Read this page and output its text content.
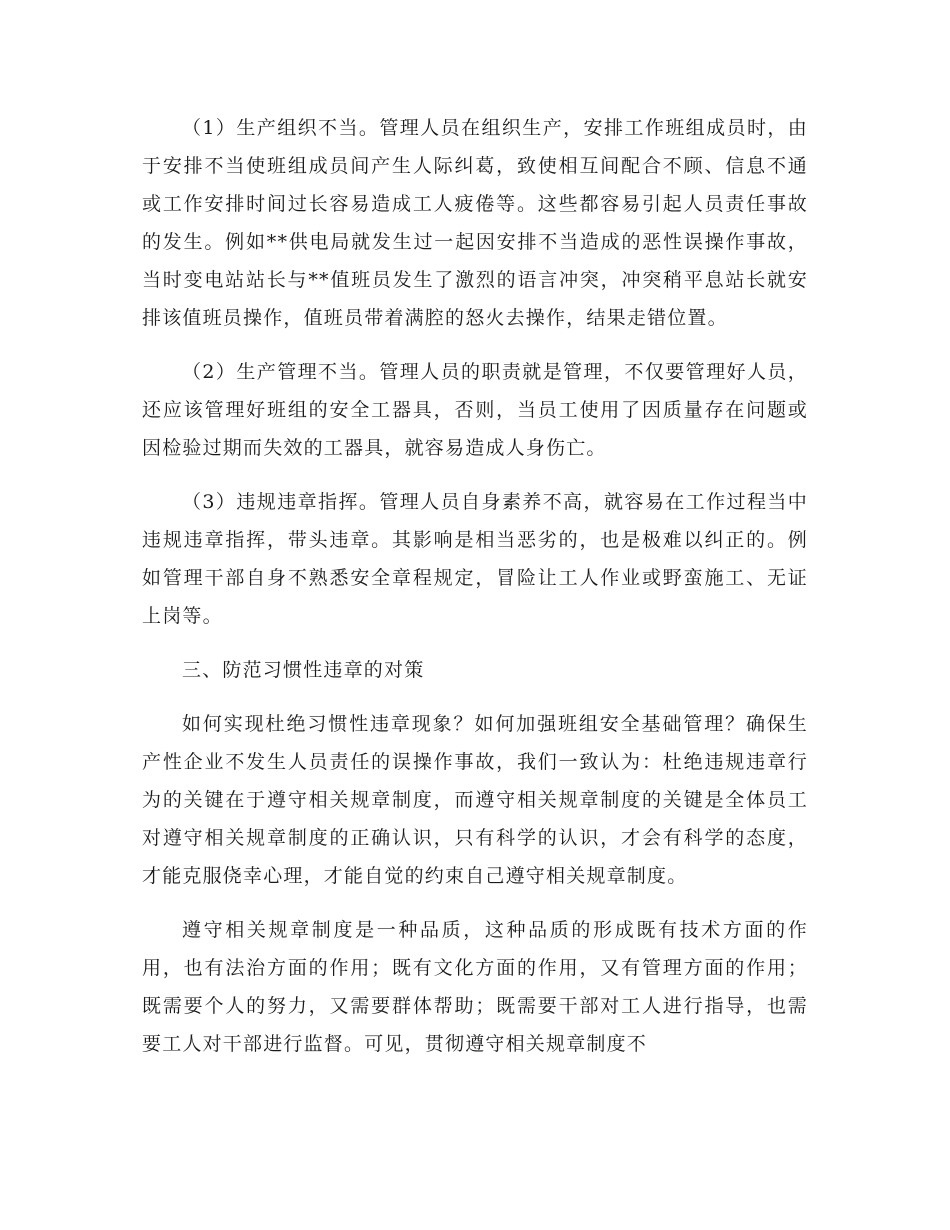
（1）生产组织不当。管理人员在组织生产，安排工作班组成员时，由于安排不当使班组成员间产生人际纠葛，致使相互间配合不顾、信息不通或工作安排时间过长容易造成工人疲倦等。这些都容易引起人员责任事故的发生。例如**供电局就发生过一起因安排不当造成的恶性误操作事故，当时变电站站长与**值班员发生了激烈的语言冲突，冲突稍平息站长就安排该值班员操作，值班员带着满腔的怒火去操作，结果走错位置。

（2）生产管理不当。管理人员的职责就是管理，不仅要管理好人员，还应该管理好班组的安全工器具，否则，当员工使用了因质量存在问题或因检验过期而失效的工器具，就容易造成人身伤亡。

（3）违规违章指挥。管理人员自身素养不高，就容易在工作过程当中违规违章指挥，带头违章。其影响是相当恶劣的，也是极难以纠正的。例如管理干部自身不熟悉安全章程规定，冒险让工人作业或野蛮施工、无证上岗等。

三、防范习惯性违章的对策

如何实现杜绝习惯性违章现象？如何加强班组安全基础管理？确保生产性企业不发生人员责任的误操作事故，我们一致认为：杜绝违规违章行为的关键在于遵守相关规章制度，而遵守相关规章制度的关键是全体员工对遵守相关规章制度的正确认识，只有科学的认识，才会有科学的态度，才能克服侥幸心理，才能自觉的约束自己遵守相关规章制度。

遵守相关规章制度是一种品质，这种品质的形成既有技术方面的作用，也有法治方面的作用；既有文化方面的作用，又有管理方面的作用；既需要个人的努力，又需要群体帮助；既需要干部对工人进行指导，也需要工人对干部进行监督。可见，贯彻遵守相关规章制度不
